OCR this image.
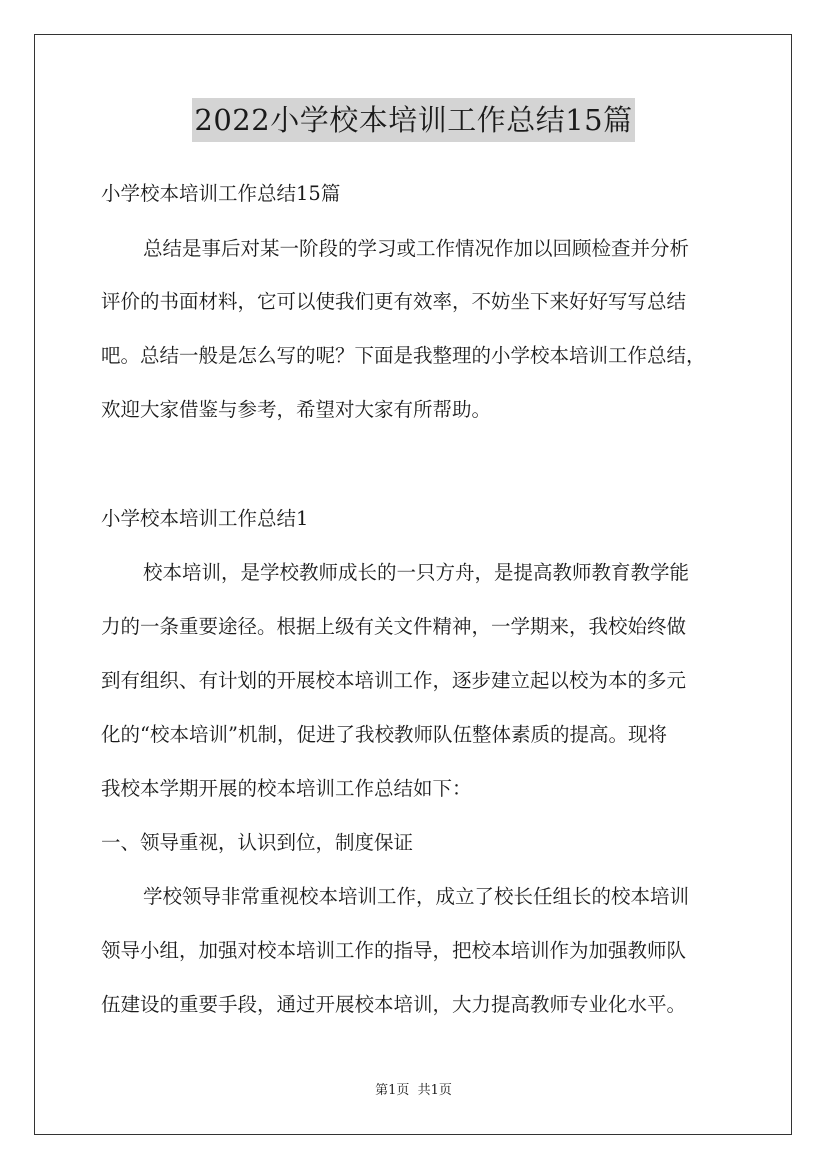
2022小学校本培训工作总结15篇
小学校本培训工作总结15篇
总结是事后对某一阶段的学习或工作情况作加以回顾检查并分析
评价的书面材料，它可以使我们更有效率，不妨坐下来好好写写总结
吧。总结一般是怎么写的呢？下面是我整理的小学校本培训工作总结，
欢迎大家借鉴与参考，希望对大家有所帮助。
小学校本培训工作总结1
校本培训，是学校教师成长的一只方舟，是提高教师教育教学能
力的一条重要途径。根据上级有关文件精神，一学期来，我校始终做
到有组织、有计划的开展校本培训工作，逐步建立起以校为本的多元
化的“校本培训”机制，促进了我校教师队伍整体素质的提高。现将
我校本学期开展的校本培训工作总结如下：
一、领导重视，认识到位，制度保证
学校领导非常重视校本培训工作，成立了校长任组长的校本培训
领导小组，加强对校本培训工作的指导，把校本培训作为加强教师队
伍建设的重要手段，通过开展校本培训，大力提高教师专业化水平。
第1页  共1页
